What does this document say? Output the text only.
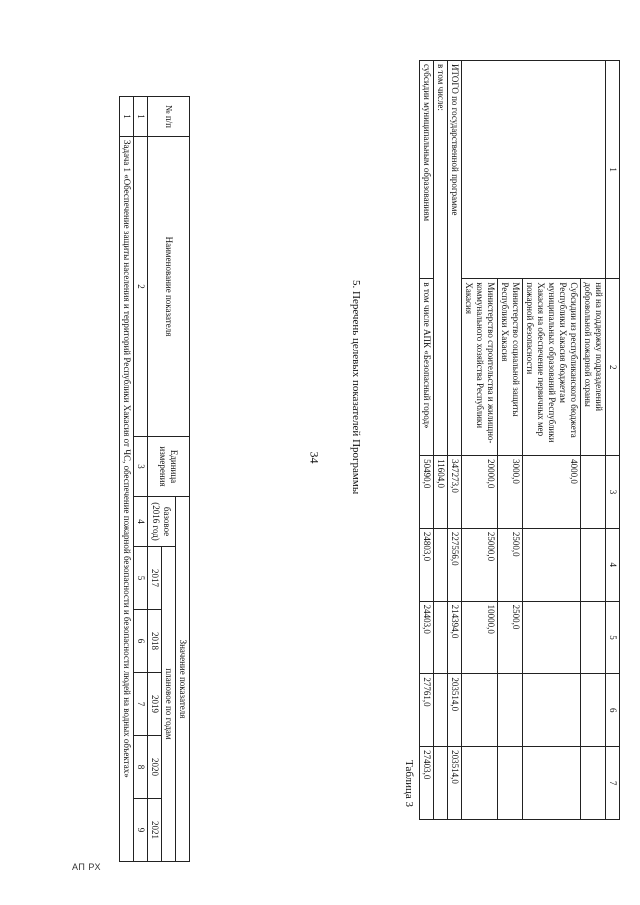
34
АП РХ
1	2	3	4	5	6	7
	ний на поддержку подразделений добровольной пожарной охраны					
	Субсидии из республиканского бюджета Республики Хакасия бюджетам муниципальных образований Республики Хакасия на обеспечение первичных мер пожарной безопасности	4000,0				
	Министерство социальной защиты Республики Хакасия	3000,0	2500,0	2500,0		
	Министерство строительства и жилищно-коммунального хозяйства Республики Хакасия	20000,0	25000,0	10000,0		
ИТОГО по государственной программе		347273,0	227556,0	214394,0	203514,0	203514,0
в том числе:		11604,0				
субсидии муниципальным образованиям	в том числе АПК «Безопасный город»	50490,0	24803,0	24403,0	27761,0	27403,0
5. Перечень целевых показателей Программы
Таблица 3
№ п/п	Наименование показателя	Единица измерения	Значение показателя					
			базовое (2016 год)	плановое по годам				
				2017	2018	2019	2020	2021
1	2	3	4	5	6	7	8	9
1	Задача 1 «Обеспечение защиты населения и территорий Республики Хакасия от ЧС, обеспечение пожарной безопасности и безопасности людей на водных объектах»							
